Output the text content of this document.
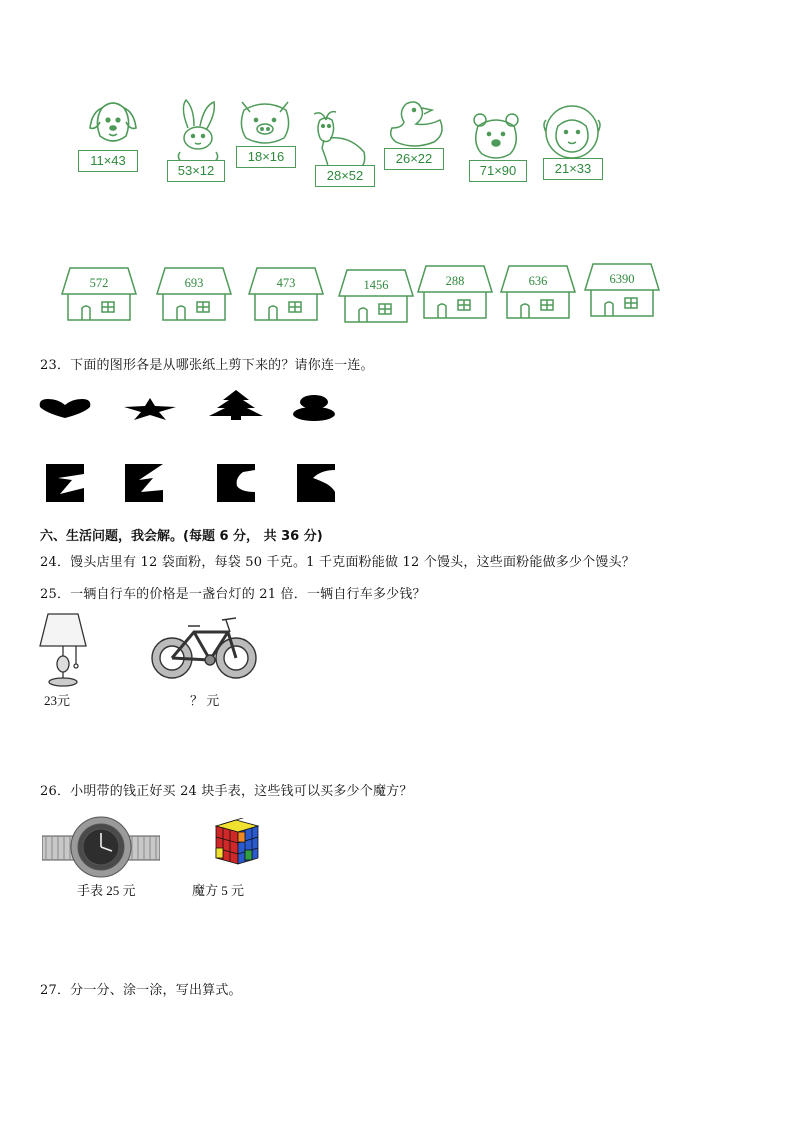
11×43
53×12
18×16
28×52
26×22
71×90	21×33
572	693	473	1456	288	636	6390
23．下面的图形各是从哪张纸上剪下来的？请你连一连。
六、生活问题，我会解。(每题 6 分， 共 36 分)
24．馒头店里有 12 袋面粉，每袋 50 千克。1 千克面粉能做 12 个馒头，这些面粉能做多少个馒头？
25．一辆自行车的价格是一盏台灯的 21 倍．一辆自行车多少钱？
23元	？ 元
26．小明带的钱正好买 24 块手表，这些钱可以买多少个魔方？
手表 25 元	魔方 5 元
27．分一分、涂一涂，写出算式。
